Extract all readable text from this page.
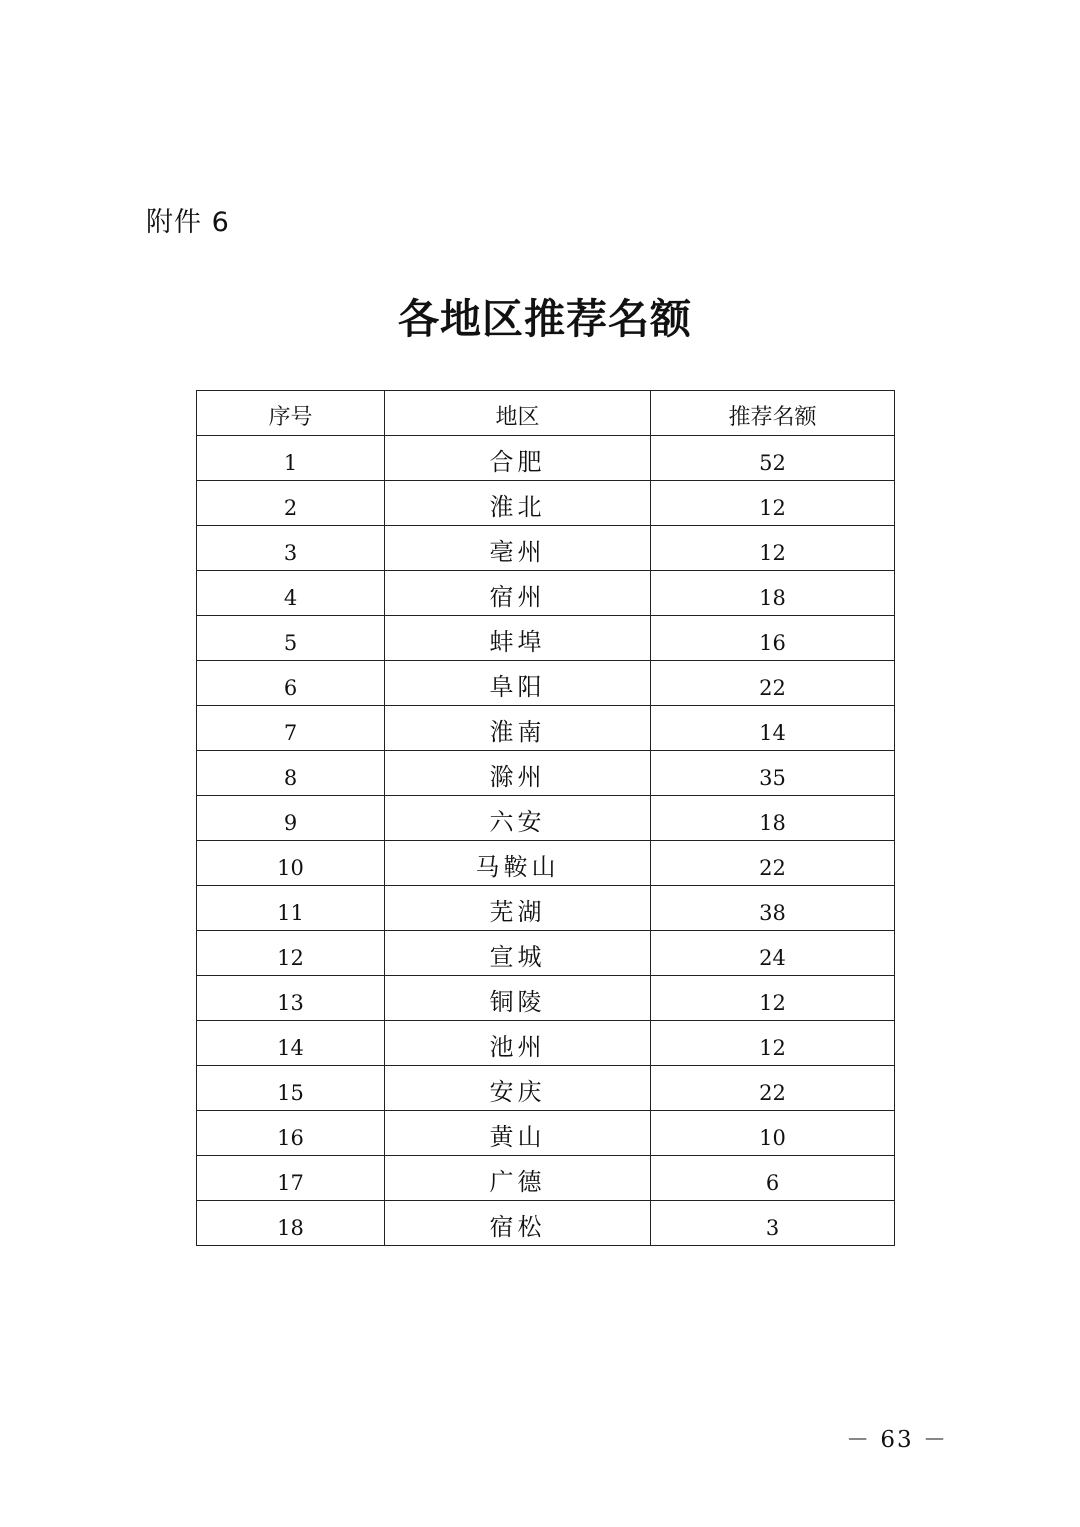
附件 6
各地区推荐名额
序号	地区	推荐名额
1	合肥	52
2	淮北	12
3	亳州	12
4	宿州	18
5	蚌埠	16
6	阜阳	22
7	淮南	14
8	滁州	35
9	六安	18
10	马鞍山	22
11	芜湖	38
12	宣城	24
13	铜陵	12
14	池州	12
15	安庆	22
16	黄山	10
17	广德	6
18	宿松	3
－ 63 －
